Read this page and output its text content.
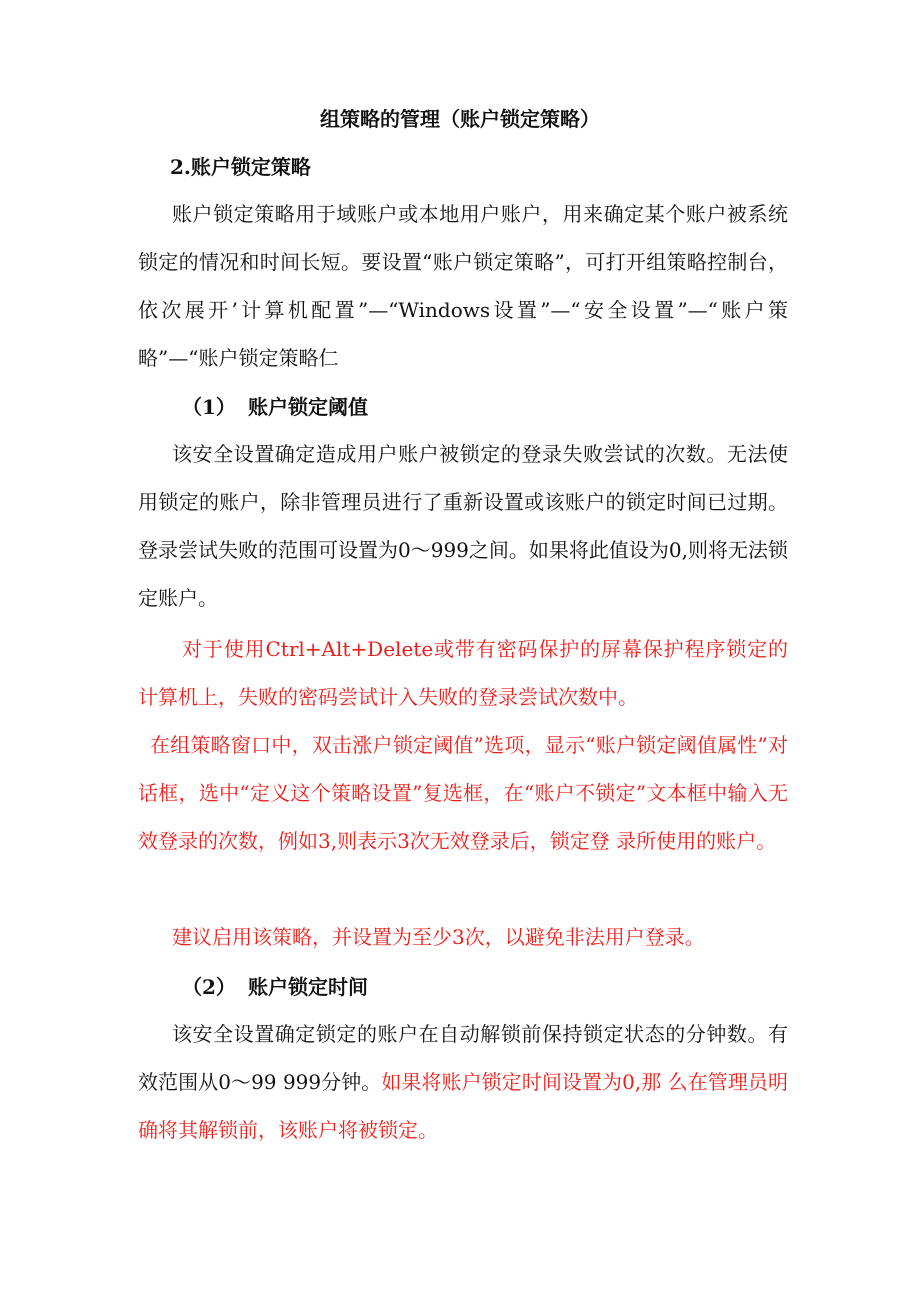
组策略的管理（账户锁定策略）
2.账户锁定策略

账户锁定策略用于域账户或本地用户账户，用来确定某个账户被系统锁定的情况和时间长短。要设置“账户锁定策略”，可打开组策略控制台，依次展开’计算机配置”—“Windows设置”—“安全设置”—“账户策略”—“账户锁定策略仁

（1） 账户锁定阈值

该安全设置确定造成用户账户被锁定的登录失败尝试的次数。无法使用锁定的账户，除非管理员进行了重新设置或该账户的锁定时间已过期。登录尝试失败的范围可设置为0〜999之间。如果将此值设为0,则将无法锁定账户。

对于使用Ctrl+Alt+Delete或带有密码保护的屏幕保护程序锁定的计算机上，失败的密码尝试计入失败的登录尝试次数中。

在组策略窗口中，双击涨户锁定阈值”选项，显示“账户锁定阈值属性”对话框，选中“定义这个策略设置”复选框，在“账户不锁定”文本框中输入无效登录的次数，例如3,则表示3次无效登录后，锁定登 录所使用的账户。

建议启用该策略，并设置为至少3次，以避免非法用户登录。

（2） 账户锁定时间

该安全设置确定锁定的账户在自动解锁前保持锁定状态的分钟数。有效范围从0〜99 999分钟。如果将账户锁定时间设置为0,那 么在管理员明确将其解锁前，该账户将被锁定。
